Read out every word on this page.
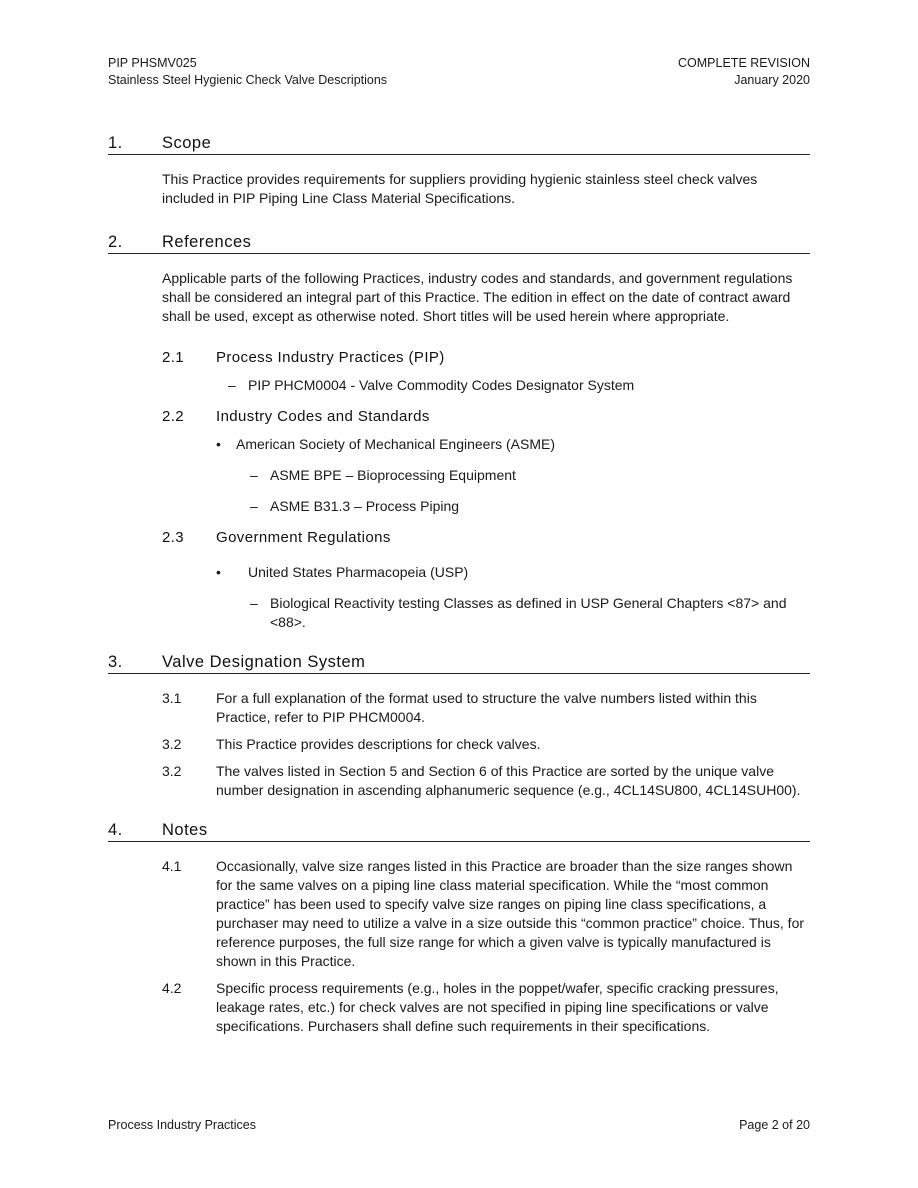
PIP PHSMV025
Stainless Steel Hygienic Check Valve Descriptions
COMPLETE REVISION
January 2020
1.	Scope
This Practice provides requirements for suppliers providing hygienic stainless steel check valves included in PIP Piping Line Class Material Specifications.
2.	References
Applicable parts of the following Practices, industry codes and standards, and government regulations shall be considered an integral part of this Practice. The edition in effect on the date of contract award shall be used, except as otherwise noted. Short titles will be used herein where appropriate.
2.1	Process Industry Practices (PIP)
– PIP PHCM0004 - Valve Commodity Codes Designator System
2.2	Industry Codes and Standards
•	American Society of Mechanical Engineers (ASME)
– ASME BPE – Bioprocessing Equipment
– ASME B31.3 – Process Piping
2.3	Government Regulations
•	United States Pharmacopeia (USP)
– Biological Reactivity testing Classes as defined in USP General Chapters <87> and <88>.
3.	Valve Designation System
3.1	For a full explanation of the format used to structure the valve numbers listed within this Practice, refer to PIP PHCM0004.
3.2	This Practice provides descriptions for check valves.
3.2	The valves listed in Section 5 and Section 6 of this Practice are sorted by the unique valve number designation in ascending alphanumeric sequence (e.g., 4CL14SU800, 4CL14SUH00).
4.	Notes
4.1	Occasionally, valve size ranges listed in this Practice are broader than the size ranges shown for the same valves on a piping line class material specification. While the “most common practice” has been used to specify valve size ranges on piping line class specifications, a purchaser may need to utilize a valve in a size outside this “common practice” choice. Thus, for reference purposes, the full size range for which a given valve is typically manufactured is shown in this Practice.
4.2	Specific process requirements (e.g., holes in the poppet/wafer, specific cracking pressures, leakage rates, etc.) for check valves are not specified in piping line specifications or valve specifications. Purchasers shall define such requirements in their specifications.
Process Industry Practices	Page 2 of 20
